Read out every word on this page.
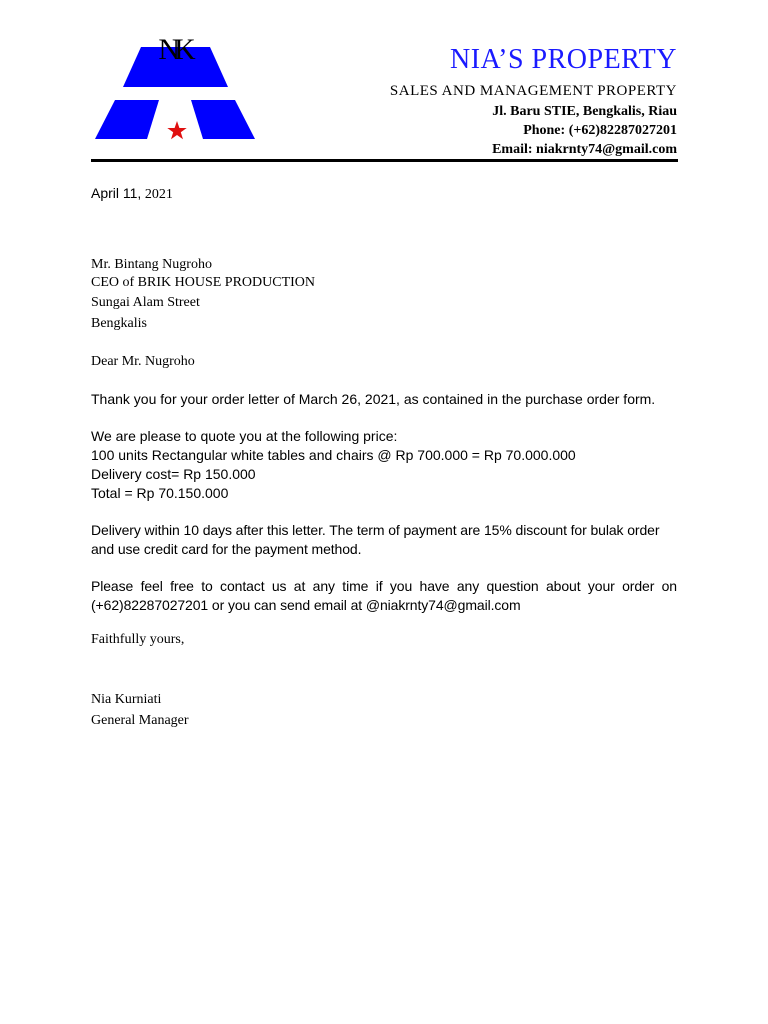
NK	NIA’S PROPERTY
SALES AND MANAGEMENT PROPERTY
Jl. Baru STIE, Bengkalis, Riau
Phone: (+62)82287027201
Email: niakrnty74@gmail.com
April 11, 2021
Mr. Bintang Nugroho
CEO of BRIK HOUSE PRODUCTION
Sungai Alam Street
Bengkalis
Dear Mr. Nugroho
Thank you for your order letter of March 26, 2021, as contained in the purchase order form.
We are please to quote you at the following price:
100 units Rectangular white tables and chairs @ Rp 700.000 = Rp 70.000.000
Delivery cost= Rp 150.000
Total = Rp 70.150.000
Delivery within 10 days after this letter. The term of payment are 15% discount for bulak order and use credit card for the payment method.
Please feel free to contact us at any time if you have any question about your order on (+62)82287027201 or you can send email at @niakrnty74@gmail.com
Faithfully yours,
Nia Kurniati
General Manager
